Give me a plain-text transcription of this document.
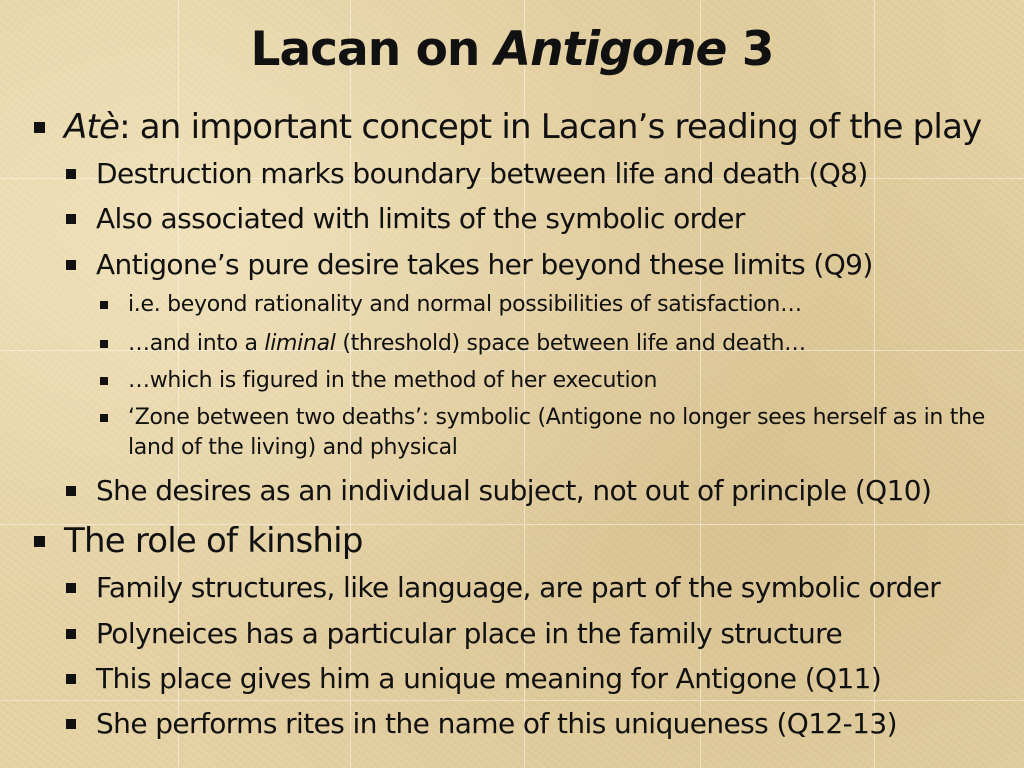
Lacan on Antigone 3
Atè: an important concept in Lacan’s reading of the play
Destruction marks boundary between life and death (Q8)
Also associated with limits of the symbolic order
Antigone’s pure desire takes her beyond these limits (Q9)
i.e. beyond rationality and normal possibilities of satisfaction…
…and into a liminal (threshold) space between life and death…
…which is figured in the method of her execution
‘Zone between two deaths’: symbolic (Antigone no longer sees herself as in the land of the living) and physical
She desires as an individual subject, not out of principle (Q10)
The role of kinship
Family structures, like language, are part of the symbolic order
Polyneices has a particular place in the family structure
This place gives him a unique meaning for Antigone (Q11)
She performs rites in the name of this uniqueness (Q12-13)
